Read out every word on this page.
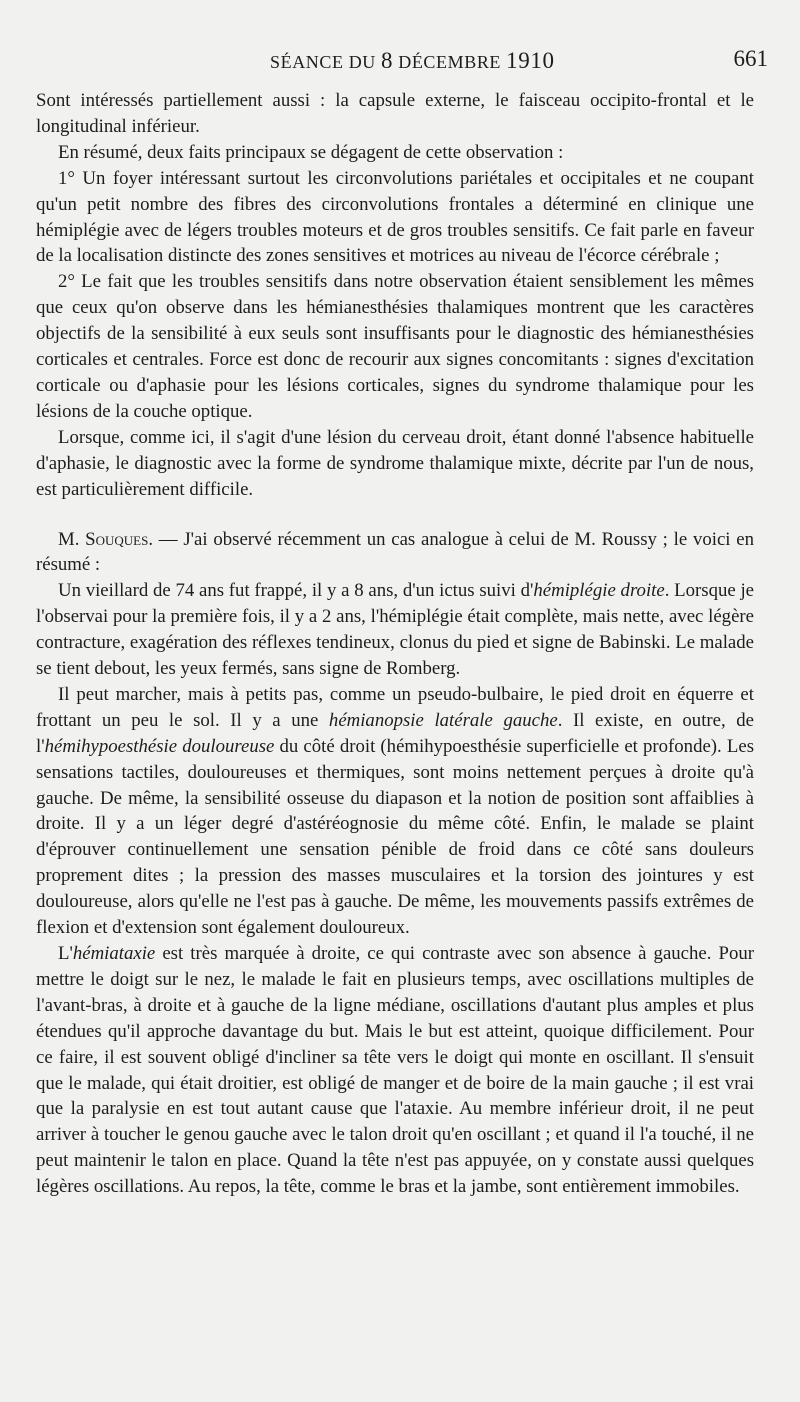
SÉANCE DU 8 DÉCEMBRE 1910	661

Sont intéressés partiellement aussi : la capsule externe, le faisceau occipito-frontal et le longitudinal inférieur.

En résumé, deux faits principaux se dégagent de cette observation :

1° Un foyer intéressant surtout les circonvolutions pariétales et occipitales et ne coupant qu'un petit nombre des fibres des circonvolutions frontales a déterminé en clinique une hémiplégie avec de légers troubles moteurs et de gros troubles sensitifs. Ce fait parle en faveur de la localisation distincte des zones sensitives et motrices au niveau de l'écorce cérébrale ;

2° Le fait que les troubles sensitifs dans notre observation étaient sensiblement les mêmes que ceux qu'on observe dans les hémianesthésies thalamiques montrent que les caractères objectifs de la sensibilité à eux seuls sont insuffisants pour le diagnostic des hémianesthésies corticales et centrales. Force est donc de recourir aux signes concomitants : signes d'excitation corticale ou d'aphasie pour les lésions corticales, signes du syndrome thalamique pour les lésions de la couche optique.

Lorsque, comme ici, il s'agit d'une lésion du cerveau droit, étant donné l'absence habituelle d'aphasie, le diagnostic avec la forme de syndrome thalamique mixte, décrite par l'un de nous, est particulièrement difficile.

M. Souques. — J'ai observé récemment un cas analogue à celui de M. Roussy ; le voici en résumé :

Un vieillard de 74 ans fut frappé, il y a 8 ans, d'un ictus suivi d'hémiplégie droite. Lorsque je l'observai pour la première fois, il y a 2 ans, l'hémiplégie était complète, mais nette, avec légère contracture, exagération des réflexes tendineux, clonus du pied et signe de Babinski. Le malade se tient debout, les yeux fermés, sans signe de Romberg.

Il peut marcher, mais à petits pas, comme un pseudo-bulbaire, le pied droit en équerre et frottant un peu le sol. Il y a une hémianopsie latérale gauche. Il existe, en outre, de l'hémihypoesthésie douloureuse du côté droit (hémihypoesthésie superficielle et profonde). Les sensations tactiles, douloureuses et thermiques, sont moins nettement perçues à droite qu'à gauche. De même, la sensibilité osseuse du diapason et la notion de position sont affaiblies à droite. Il y a un léger degré d'astéréognosie du même côté. Enfin, le malade se plaint d'éprouver continuellement une sensation pénible de froid dans ce côté sans douleurs proprement dites ; la pression des masses musculaires et la torsion des jointures y est douloureuse, alors qu'elle ne l'est pas à gauche. De même, les mouvements passifs extrêmes de flexion et d'extension sont également douloureux.

L'hémiataxie est très marquée à droite, ce qui contraste avec son absence à gauche. Pour mettre le doigt sur le nez, le malade le fait en plusieurs temps, avec oscillations multiples de l'avant-bras, à droite et à gauche de la ligne médiane, oscillations d'autant plus amples et plus étendues qu'il approche davantage du but. Mais le but est atteint, quoique difficilement. Pour ce faire, il est souvent obligé d'incliner sa tête vers le doigt qui monte en oscillant. Il s'ensuit que le malade, qui était droitier, est obligé de manger et de boire de la main gauche ; il est vrai que la paralysie en est tout autant cause que l'ataxie. Au membre inférieur droit, il ne peut arriver à toucher le genou gauche avec le talon droit qu'en oscillant ; et quand il l'a touché, il ne peut maintenir le talon en place. Quand la tête n'est pas appuyée, on y constate aussi quelques légères oscillations. Au repos, la tête, comme le bras et la jambe, sont entièrement immobiles.
